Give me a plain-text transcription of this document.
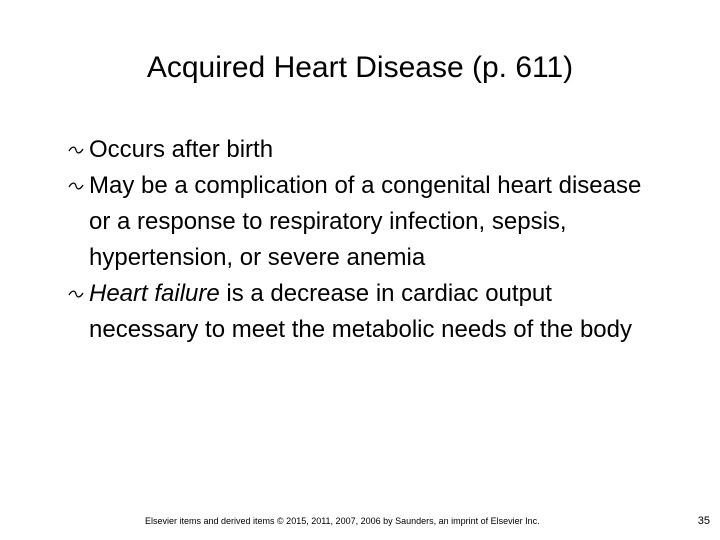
Acquired Heart Disease (p. 611)
Occurs after birth
May be a complication of a congenital heart disease or a response to respiratory infection, sepsis, hypertension, or severe anemia
Heart failure is a decrease in cardiac output necessary to meet the metabolic needs of the body
Elsevier items and derived items © 2015, 2011, 2007, 2006 by Saunders, an imprint of Elsevier Inc.	35
